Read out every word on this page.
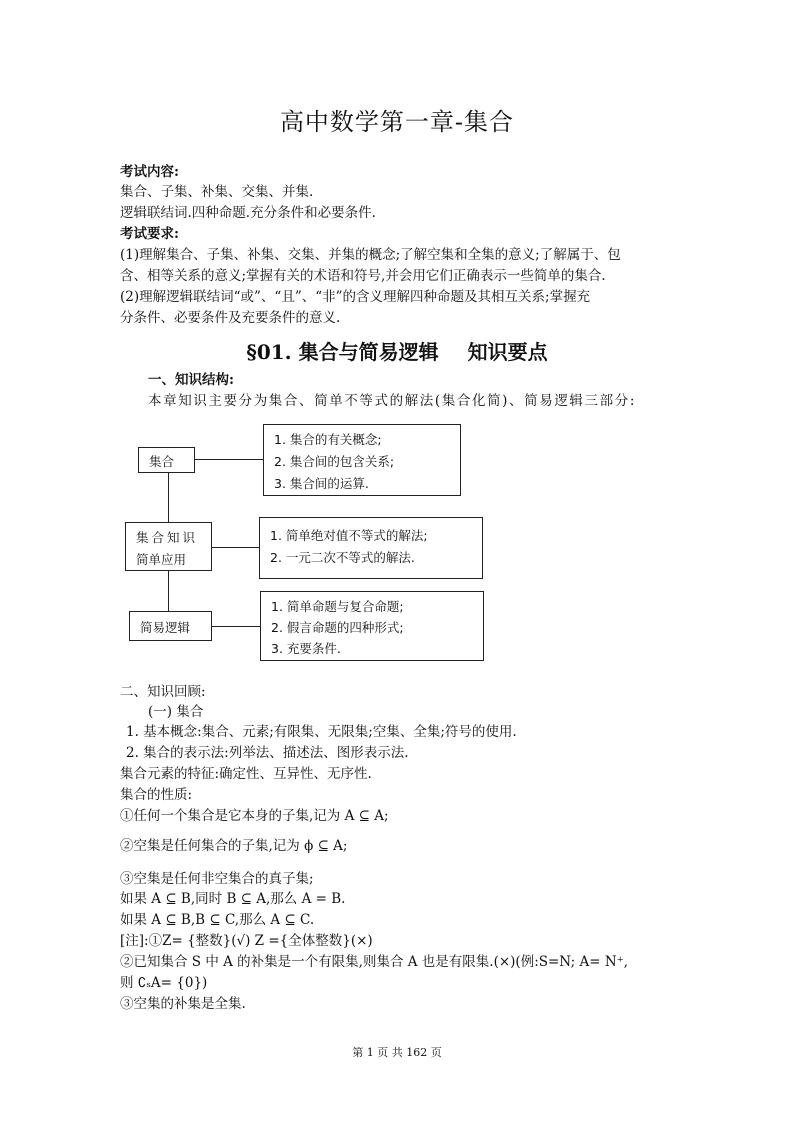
高中数学第一章-集合
考试内容:
集合、子集、补集、交集、并集.
逻辑联结词.四种命题.充分条件和必要条件.
考试要求:
(1)理解集合、子集、补集、交集、并集的概念;了解空集和全集的意义;了解属于、包
含、相等关系的意义;掌握有关的术语和符号,并会用它们正确表示一些简单的集合.
(2)理解逻辑联结词“或”、“且”、“非”的含义理解四种命题及其相互关系;掌握充
分条件、必要条件及充要条件的意义.
§01. 集合与简易逻辑 知识要点
一、知识结构:
本章知识主要分为集合、简单不等式的解法(集合化简)、简易逻辑三部分:
集合
1. 集合的有关概念;
2. 集合间的包含关系;
3. 集合间的运算.
集合知识
简单应用
1. 简单绝对值不等式的解法;
2. 一元二次不等式的解法.
简易逻辑
1. 简单命题与复合命题;
2. 假言命题的四种形式;
3. 充要条件.
二、知识回顾:
(一) 集合
1. 基本概念:集合、元素;有限集、无限集;空集、全集;符号的使用.
2. 集合的表示法:列举法、描述法、图形表示法.
集合元素的特征:确定性、互异性、无序性.
集合的性质:
①任何一个集合是它本身的子集,记为 A ⊆ A;
②空集是任何集合的子集,记为 ϕ ⊆ A;
③空集是任何非空集合的真子集;
如果 A ⊆ B,同时 B ⊆ A,那么 A = B.
如果 A ⊆ B,B ⊆ C,那么 A ⊆ C.
[注]:①Z= {整数}(√) Z ={全体整数}(×)
②已知集合 S 中 A 的补集是一个有限集,则集合 A 也是有限集.(×)(例:S=N; A= N⁺,
则 ∁ₛA= {0})
③空集的补集是全集.
第 1 页 共 162 页
